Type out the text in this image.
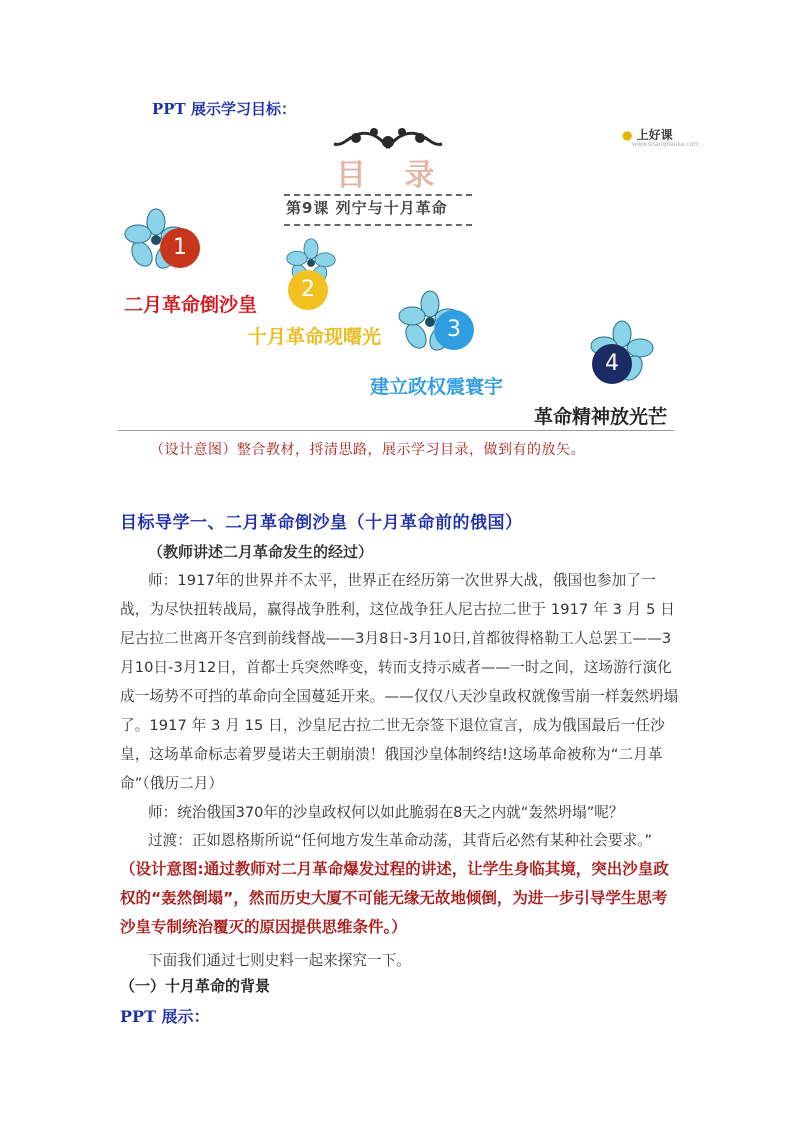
PPT 展示学习目标：
目 录
第9课 列宁与十月革命
● 上好课
www.shanghaoke.com
1
2
3
4
二月革命倒沙皇
十月革命现曙光
建立政权震寰宇
革命精神放光芒
（设计意图）整合教材，捋清思路，展示学习目录，做到有的放矢。
目标导学一、二月革命倒沙皇（十月革命前的俄国）
（教师讲述二月革命发生的经过）
师：1917年的世界并不太平，世界正在经历第一次世界大战，俄国也参加了一战，为尽快扭转战局，赢得战争胜利，这位战争狂人尼古拉二世于 1917 年 3 月 5 日尼古拉二世离开冬宫到前线督战——3月8日-3月10日,首都彼得格勒工人总罢工——3月10日-3月12日，首都士兵突然哗变，转而支持示威者——一时之间，这场游行演化成一场势不可挡的革命向全国蔓延开来。——仅仅八天沙皇政权就像雪崩一样轰然坍塌了。1917 年 3 月 15 日，沙皇尼古拉二世无奈签下退位宣言，成为俄国最后一任沙皇，这场革命标志着罗曼诺夫王朝崩溃！俄国沙皇体制终结!这场革命被称为“二月革命”（俄历二月）
师：统治俄国370年的沙皇政权何以如此脆弱在8天之内就“轰然坍塌”呢？
过渡：正如恩格斯所说“任何地方发生革命动荡，其背后必然有某种社会要求。”
（设计意图:通过教师对二月革命爆发过程的讲述，让学生身临其境，突出沙皇政权的“轰然倒塌”，然而历史大厦不可能无缘无故地倾倒，为进一步引导学生思考沙皇专制统治覆灭的原因提供思维条件。）
下面我们通过七则史料一起来探究一下。
（一）十月革命的背景
PPT 展示：
